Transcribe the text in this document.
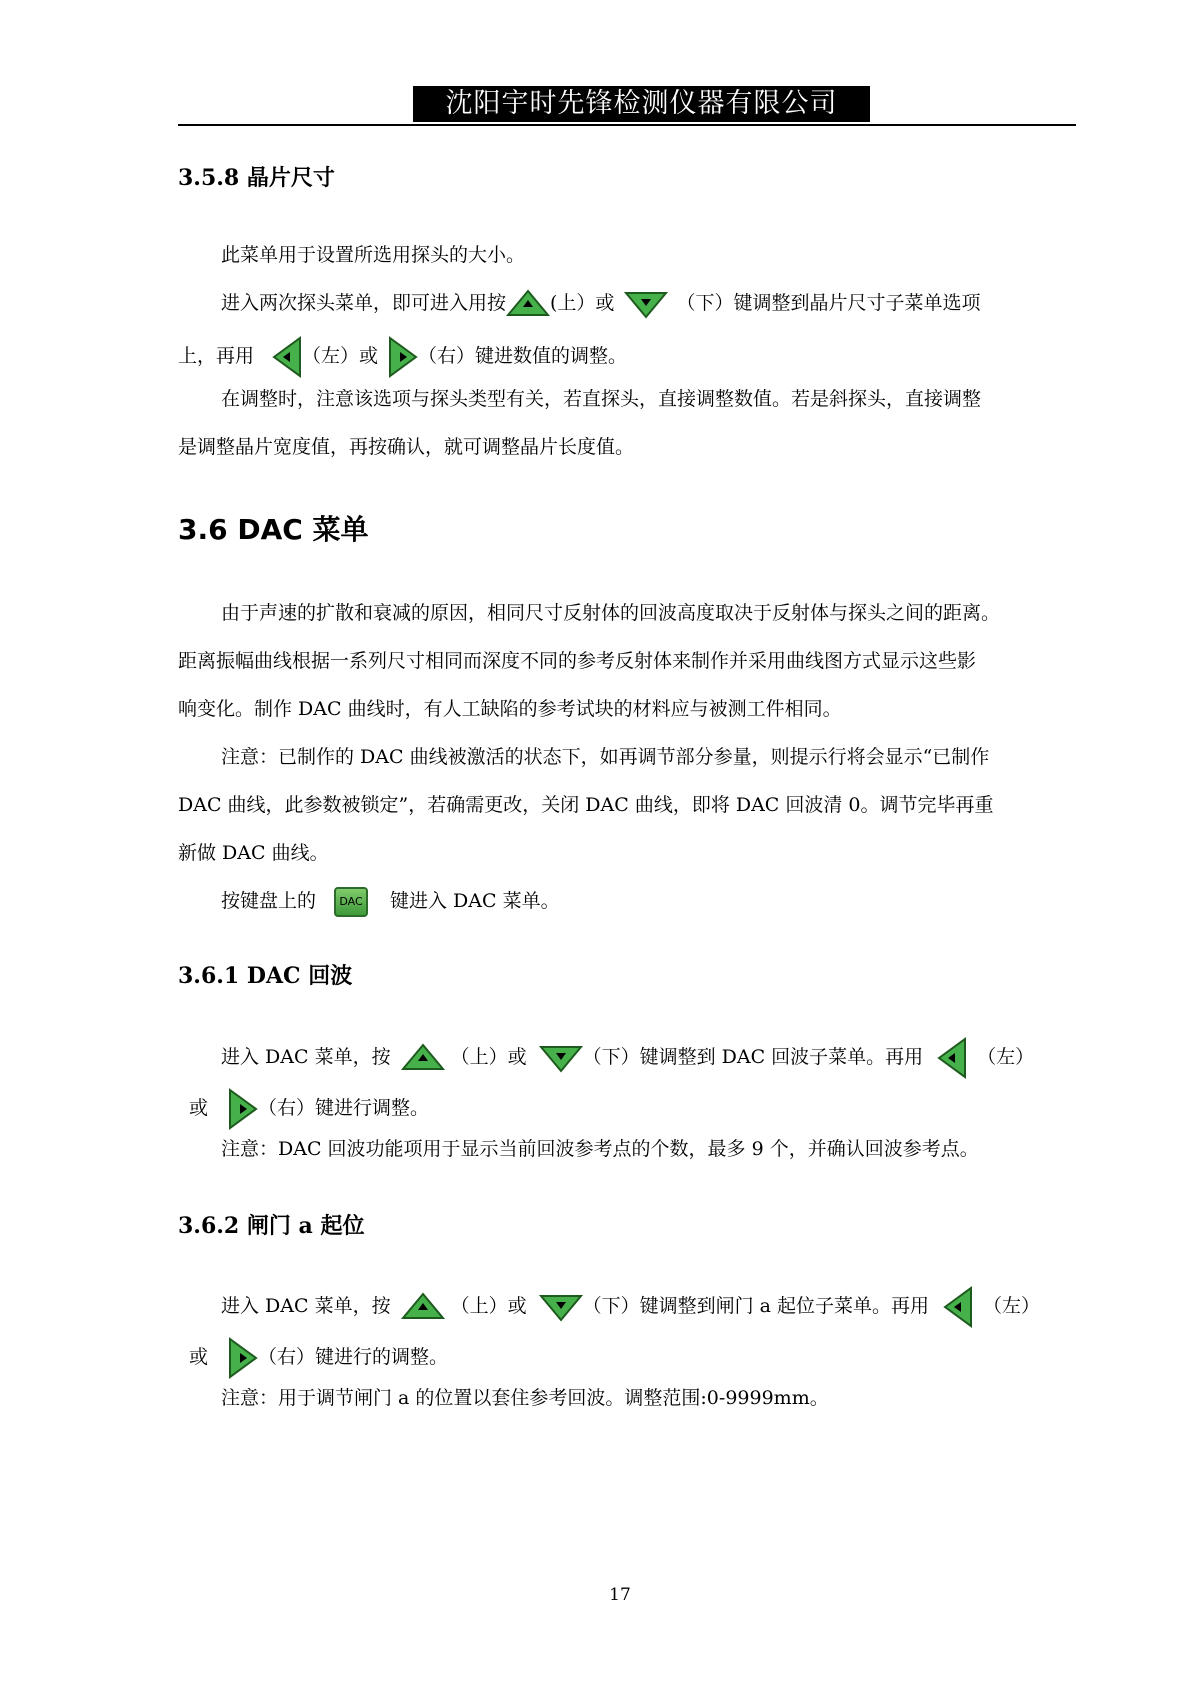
沈阳宇时先锋检测仪器有限公司
3.5.8 晶片尺寸
此菜单用于设置所选用探头的大小。
进入两次探头菜单，即可进入用按 (上）或	（下）键调整到晶片尺寸子菜单选项
上，再用	（左）或 （右）键进数值的调整。
在调整时，注意该选项与探头类型有关，若直探头，直接调整数值。若是斜探头，直接调整
是调整晶片宽度值，再按确认，就可调整晶片长度值。
3.6 DAC 菜单
由于声速的扩散和衰减的原因，相同尺寸反射体的回波高度取决于反射体与探头之间的距离。
距离振幅曲线根据一系列尺寸相同而深度不同的参考反射体来制作并采用曲线图方式显示这些影
响变化。制作 DAC 曲线时，有人工缺陷的参考试块的材料应与被测工件相同。
注意：已制作的 DAC 曲线被激活的状态下，如再调节部分参量，则提示行将会显示“已制作
DAC 曲线，此参数被锁定”，若确需更改，关闭 DAC 曲线，即将 DAC 回波清 0。调节完毕再重
新做 DAC 曲线。
按键盘上的 DAC 键进入 DAC 菜单。
3.6.1 DAC 回波
进入 DAC 菜单，按	（上）或	（下）键调整到 DAC 回波子菜单。再用	（左）
或	（右）键进行调整。
注意：DAC 回波功能项用于显示当前回波参考点的个数，最多 9 个，并确认回波参考点。
3.6.2 闸门 a 起位
进入 DAC 菜单，按	（上）或	（下）键调整到闸门 a 起位子菜单。再用	（左）
或	（右）键进行的调整。
注意：用于调节闸门 a 的位置以套住参考回波。调整范围:0-9999mm。
17
